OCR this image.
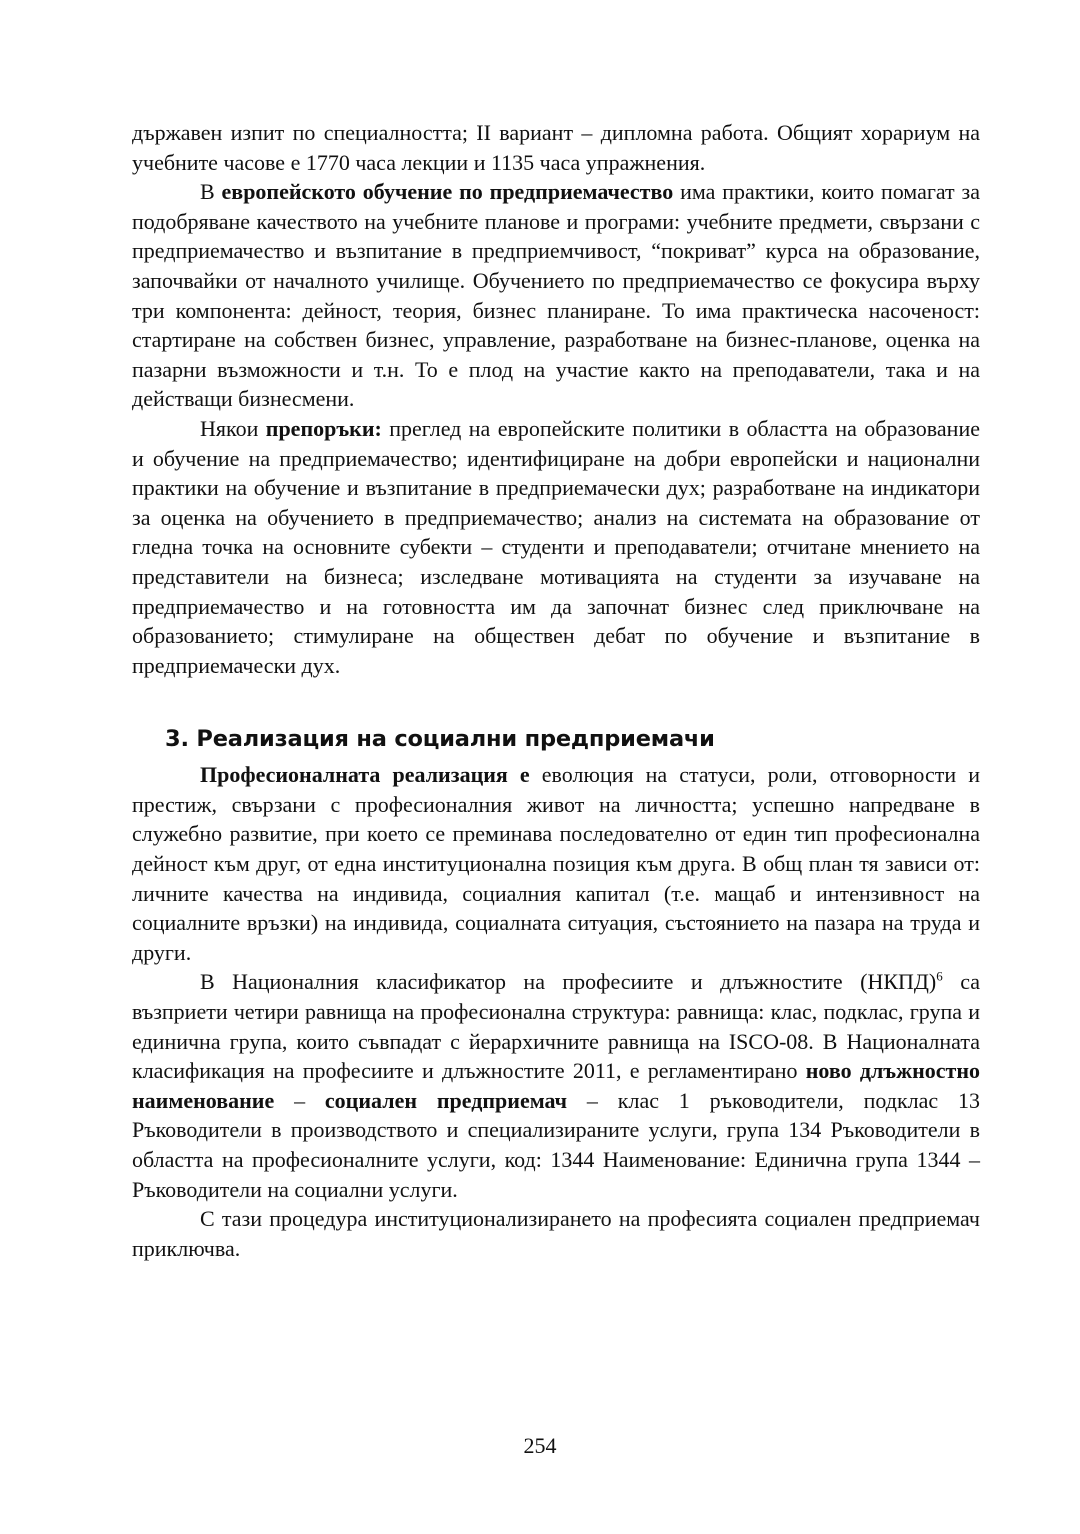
държавен изпит по специалността; II вариант – дипломна работа. Общият хорариум на учебните часове е 1770 часа лекции и 1135 часа упражнения.

В европейското обучение по предприемачество има практики, които помагат за подобряване качеството на учебните планове и програми: учебните предмети, свързани с предприемачество и възпитание в предприемчивост, “покриват” курса на образование, започвайки от началното училище. Обучението по предприемачество се фокусира върху три компонента: дейност, теория, бизнес планиране. То има практическа насоченост: стартиране на собствен бизнес, управление, разработване на бизнес-планове, оценка на пазарни възможности и т.н. То е плод на участие както на преподаватели, така и на действащи бизнесмени.

Някои препоръки: преглед на европейските политики в областта на образование и обучение на предприемачество; идентифициране на добри европейски и национални практики на обучение и възпитание в предприемачески дух; разработване на индикатори за оценка на обучението в предприемачество; анализ на системата на образование от гледна точка на основните субекти – студенти и преподаватели; отчитане мнението на представители на бизнеса; изследване мотивацията на студенти за изучаване на предприемачество и на готовността им да започнат бизнес след приключване на образованието; стимулиране на обществен дебат по обучение и възпитание в предприемачески дух.

3. Реализация на социални предприемачи

Професионалната реализация е еволюция на статуси, роли, отговорности и престиж, свързани с професионалния живот на личността; успешно напредване в служебно развитие, при което се преминава последователно от един тип професионална дейност към друг, от една институционална позиция към друга. В общ план тя зависи от: личните качества на индивида, социалния капитал (т.е. мащаб и интензивност на социалните връзки) на индивида, социалната ситуация, състоянието на пазара на труда и други.

В Националния класификатор на професиите и длъжностите (НКПД)$^6$ са възприети четири равнища на професионална структура: равнища: клас, подклас, група и единична група, които съвпадат с йерархичните равнища на ISCO-08. В Националната класификация на професиите и длъжностите 2011, е регламентирано ново длъжностно наименование – социален предприемач – клас 1 ръководители, подклас 13 Ръководители в производството и специализираните услуги, група 134 Ръководители в областта на професионалните услуги, код: 1344 Наименование: Единична група 1344 – Ръководители на социални услуги.

С тази процедура институционализирането на професията социален предприемач приключва.

254
